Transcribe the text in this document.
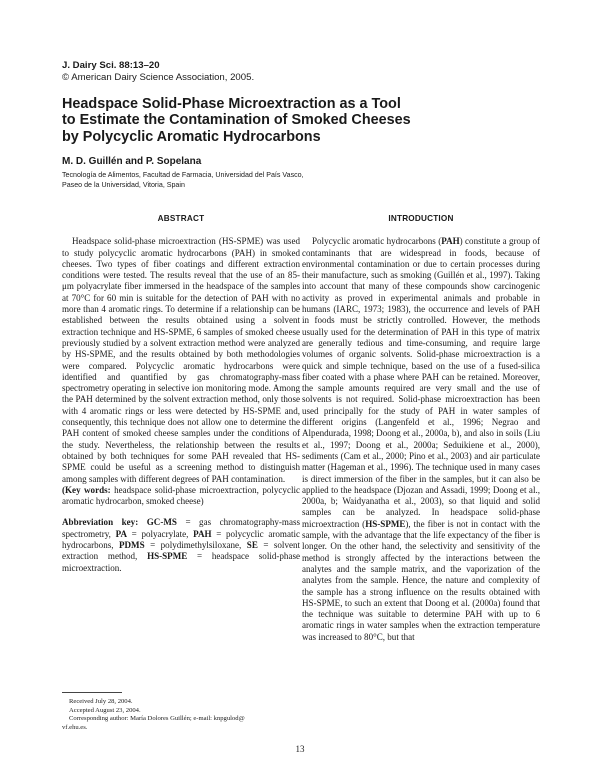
J. Dairy Sci. 88:13–20
© American Dairy Science Association, 2005.
Headspace Solid-Phase Microextraction as a Tool
to Estimate the Contamination of Smoked Cheeses
by Polycyclic Aromatic Hydrocarbons
M. D. Guillén and P. Sopelana
Tecnología de Alimentos, Facultad de Farmacia, Universidad del País Vasco,
Paseo de la Universidad, Vitoria, Spain
ABSTRACT

Headspace solid-phase microextraction (HS-SPME) was used to study polycyclic aromatic hydrocarbons (PAH) in smoked cheeses. Two types of fiber coatings and different extraction conditions were tested. The results reveal that the use of an 85-μm polyacrylate fiber immersed in the headspace of the samples at 70°C for 60 min is suitable for the detection of PAH with no more than 4 aromatic rings. To determine if a relationship can be established between the results obtained using a solvent extraction technique and HS-SPME, 6 samples of smoked cheese previously studied by a solvent extraction method were analyzed by HS-SPME, and the results obtained by both methodologies were compared. Polycyclic aromatic hydrocarbons were identified and quantified by gas chromatography-mass spectrometry operating in selective ion monitoring mode. Among the PAH determined by the solvent extraction method, only those with 4 aromatic rings or less were detected by HS-SPME and, consequently, this technique does not allow one to determine the PAH content of smoked cheese samples under the conditions of the study. Nevertheless, the relationship between the results obtained by both techniques for some PAH revealed that HS-SPME could be useful as a screening method to distinguish among samples with different degrees of PAH contamination.

(Key words: headspace solid-phase microextraction, polycyclic aromatic hydrocarbon, smoked cheese)

Abbreviation key: GC-MS = gas chromatography-mass spectrometry, PA = polyacrylate, PAH = polycyclic aromatic hydrocarbons, PDMS = polydimethylsiloxane, SE = solvent extraction method, HS-SPME = headspace solid-phase microextraction.

Received July 28, 2004.
Accepted August 23, 2004.
Corresponding author: María Dolores Guillén; e-mail: knpgulod@
vf.ehu.es.
INTRODUCTION

Polycyclic aromatic hydrocarbons (PAH) constitute a group of contaminants that are widespread in foods, because of environmental contamination or due to certain processes during their manufacture, such as smoking (Guillén et al., 1997). Taking into account that many of these compounds show carcinogenic activity as proved in experimental animals and probable in humans (IARC, 1973; 1983), the occurrence and levels of PAH in foods must be strictly controlled. However, the methods usually used for the determination of PAH in this type of matrix are generally tedious and time-consuming, and require large volumes of organic solvents. Solid-phase microextraction is a quick and simple technique, based on the use of a fused-silica fiber coated with a phase where PAH can be retained. Moreover, the sample amounts required are very small and the use of solvents is not required. Solid-phase microextraction has been used principally for the study of PAH in water samples of different origins (Langenfeld et al., 1996; Negrao and Alpendurada, 1998; Doong et al., 2000a, b), and also in soils (Liu et al., 1997; Doong et al., 2000a; Seduikiene et al., 2000), sediments (Cam et al., 2000; Pino et al., 2003) and air particulate matter (Hageman et al., 1996). The technique used in many cases is direct immersion of the fiber in the samples, but it can also be applied to the headspace (Djozan and Assadi, 1999; Doong et al., 2000a, b; Waidyanatha et al., 2003), so that liquid and solid samples can be analyzed. In headspace solid-phase microextraction (HS-SPME), the fiber is not in contact with the sample, with the advantage that the life expectancy of the fiber is longer. On the other hand, the selectivity and sensitivity of the method is strongly affected by the interactions between the analytes and the sample matrix, and the vaporization of the analytes from the sample. Hence, the nature and complexity of the sample has a strong influence on the results obtained with HS-SPME, to such an extent that Doong et al. (2000a) found that the technique was suitable to determine PAH with up to 6 aromatic rings in water samples when the extraction temperature was increased to 80°C, but that

13
